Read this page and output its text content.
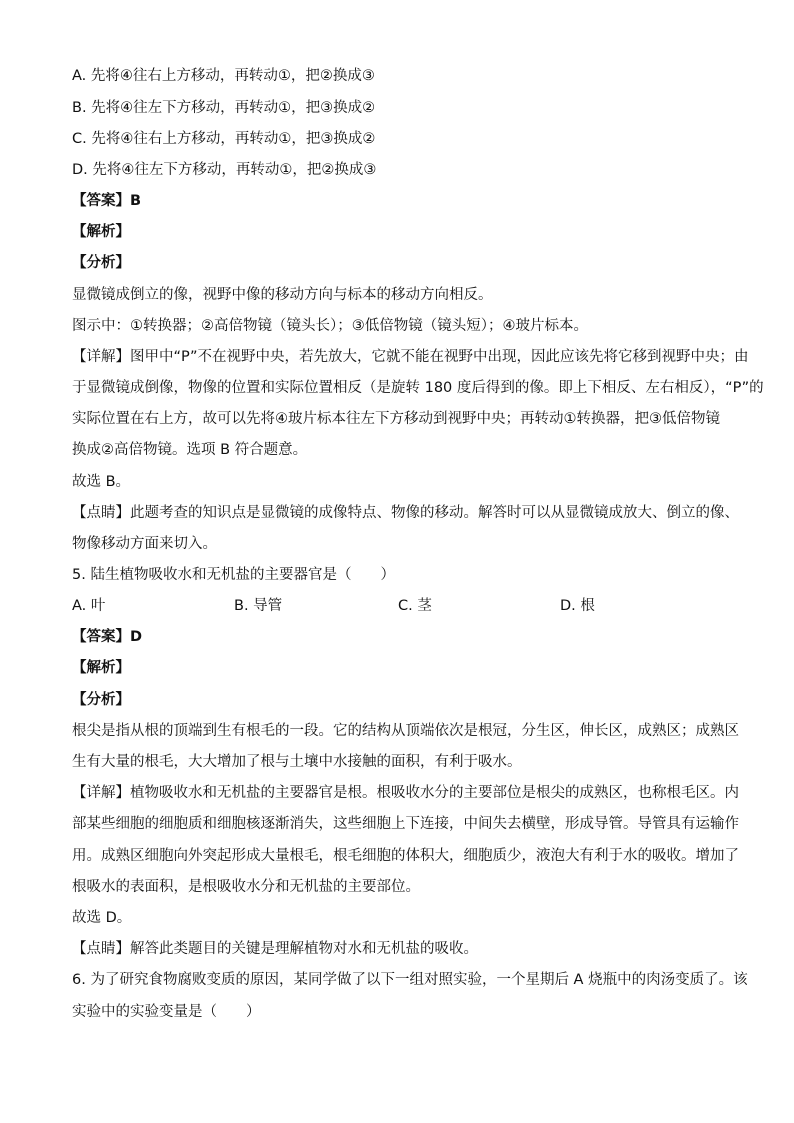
A. 先将④往右上方移动，再转动①，把②换成③
B. 先将④往左下方移动，再转动①，把③换成②
C. 先将④往右上方移动，再转动①，把③换成②
D. 先将④往左下方移动，再转动①，把②换成③
【答案】B
【解析】
【分析】
显微镜成倒立的像，视野中像的移动方向与标本的移动方向相反。
图示中：①转换器；②高倍物镜（镜头长）；③低倍物镜（镜头短）；④玻片标本。
【详解】图甲中“P”不在视野中央，若先放大，它就不能在视野中出现，因此应该先将它移到视野中央；由
于显微镜成倒像，物像的位置和实际位置相反（是旋转 180 度后得到的像。即上下相反、左右相反），“P”的
实际位置在右上方，故可以先将④玻片标本往左下方移动到视野中央；再转动①转换器，把③低倍物镜
换成②高倍物镜。选项 B 符合题意。
故选 B。
【点睛】此题考查的知识点是显微镜的成像特点、物像的移动。解答时可以从显微镜成放大、倒立的像、
物像移动方面来切入。
5. 陆生植物吸收水和无机盐的主要器官是（　　）
A. 叶	B. 导管	C. 茎	D. 根
【答案】D
【解析】
【分析】
根尖是指从根的顶端到生有根毛的一段。它的结构从顶端依次是根冠，分生区，伸长区，成熟区；成熟区
生有大量的根毛，大大增加了根与土壤中水接触的面积，有利于吸水。
【详解】植物吸收水和无机盐的主要器官是根。根吸收水分的主要部位是根尖的成熟区，也称根毛区。内
部某些细胞的细胞质和细胞核逐渐消失，这些细胞上下连接，中间失去横壁，形成导管。导管具有运输作
用。成熟区细胞向外突起形成大量根毛，根毛细胞的体积大，细胞质少，液泡大有利于水的吸收。增加了
根吸水的表面积，是根吸收水分和无机盐的主要部位。
故选 D。
【点睛】解答此类题目的关键是理解植物对水和无机盐的吸收。
6. 为了研究食物腐败变质的原因，某同学做了以下一组对照实验，一个星期后 A 烧瓶中的肉汤变质了。该
实验中的实验变量是（　　）
